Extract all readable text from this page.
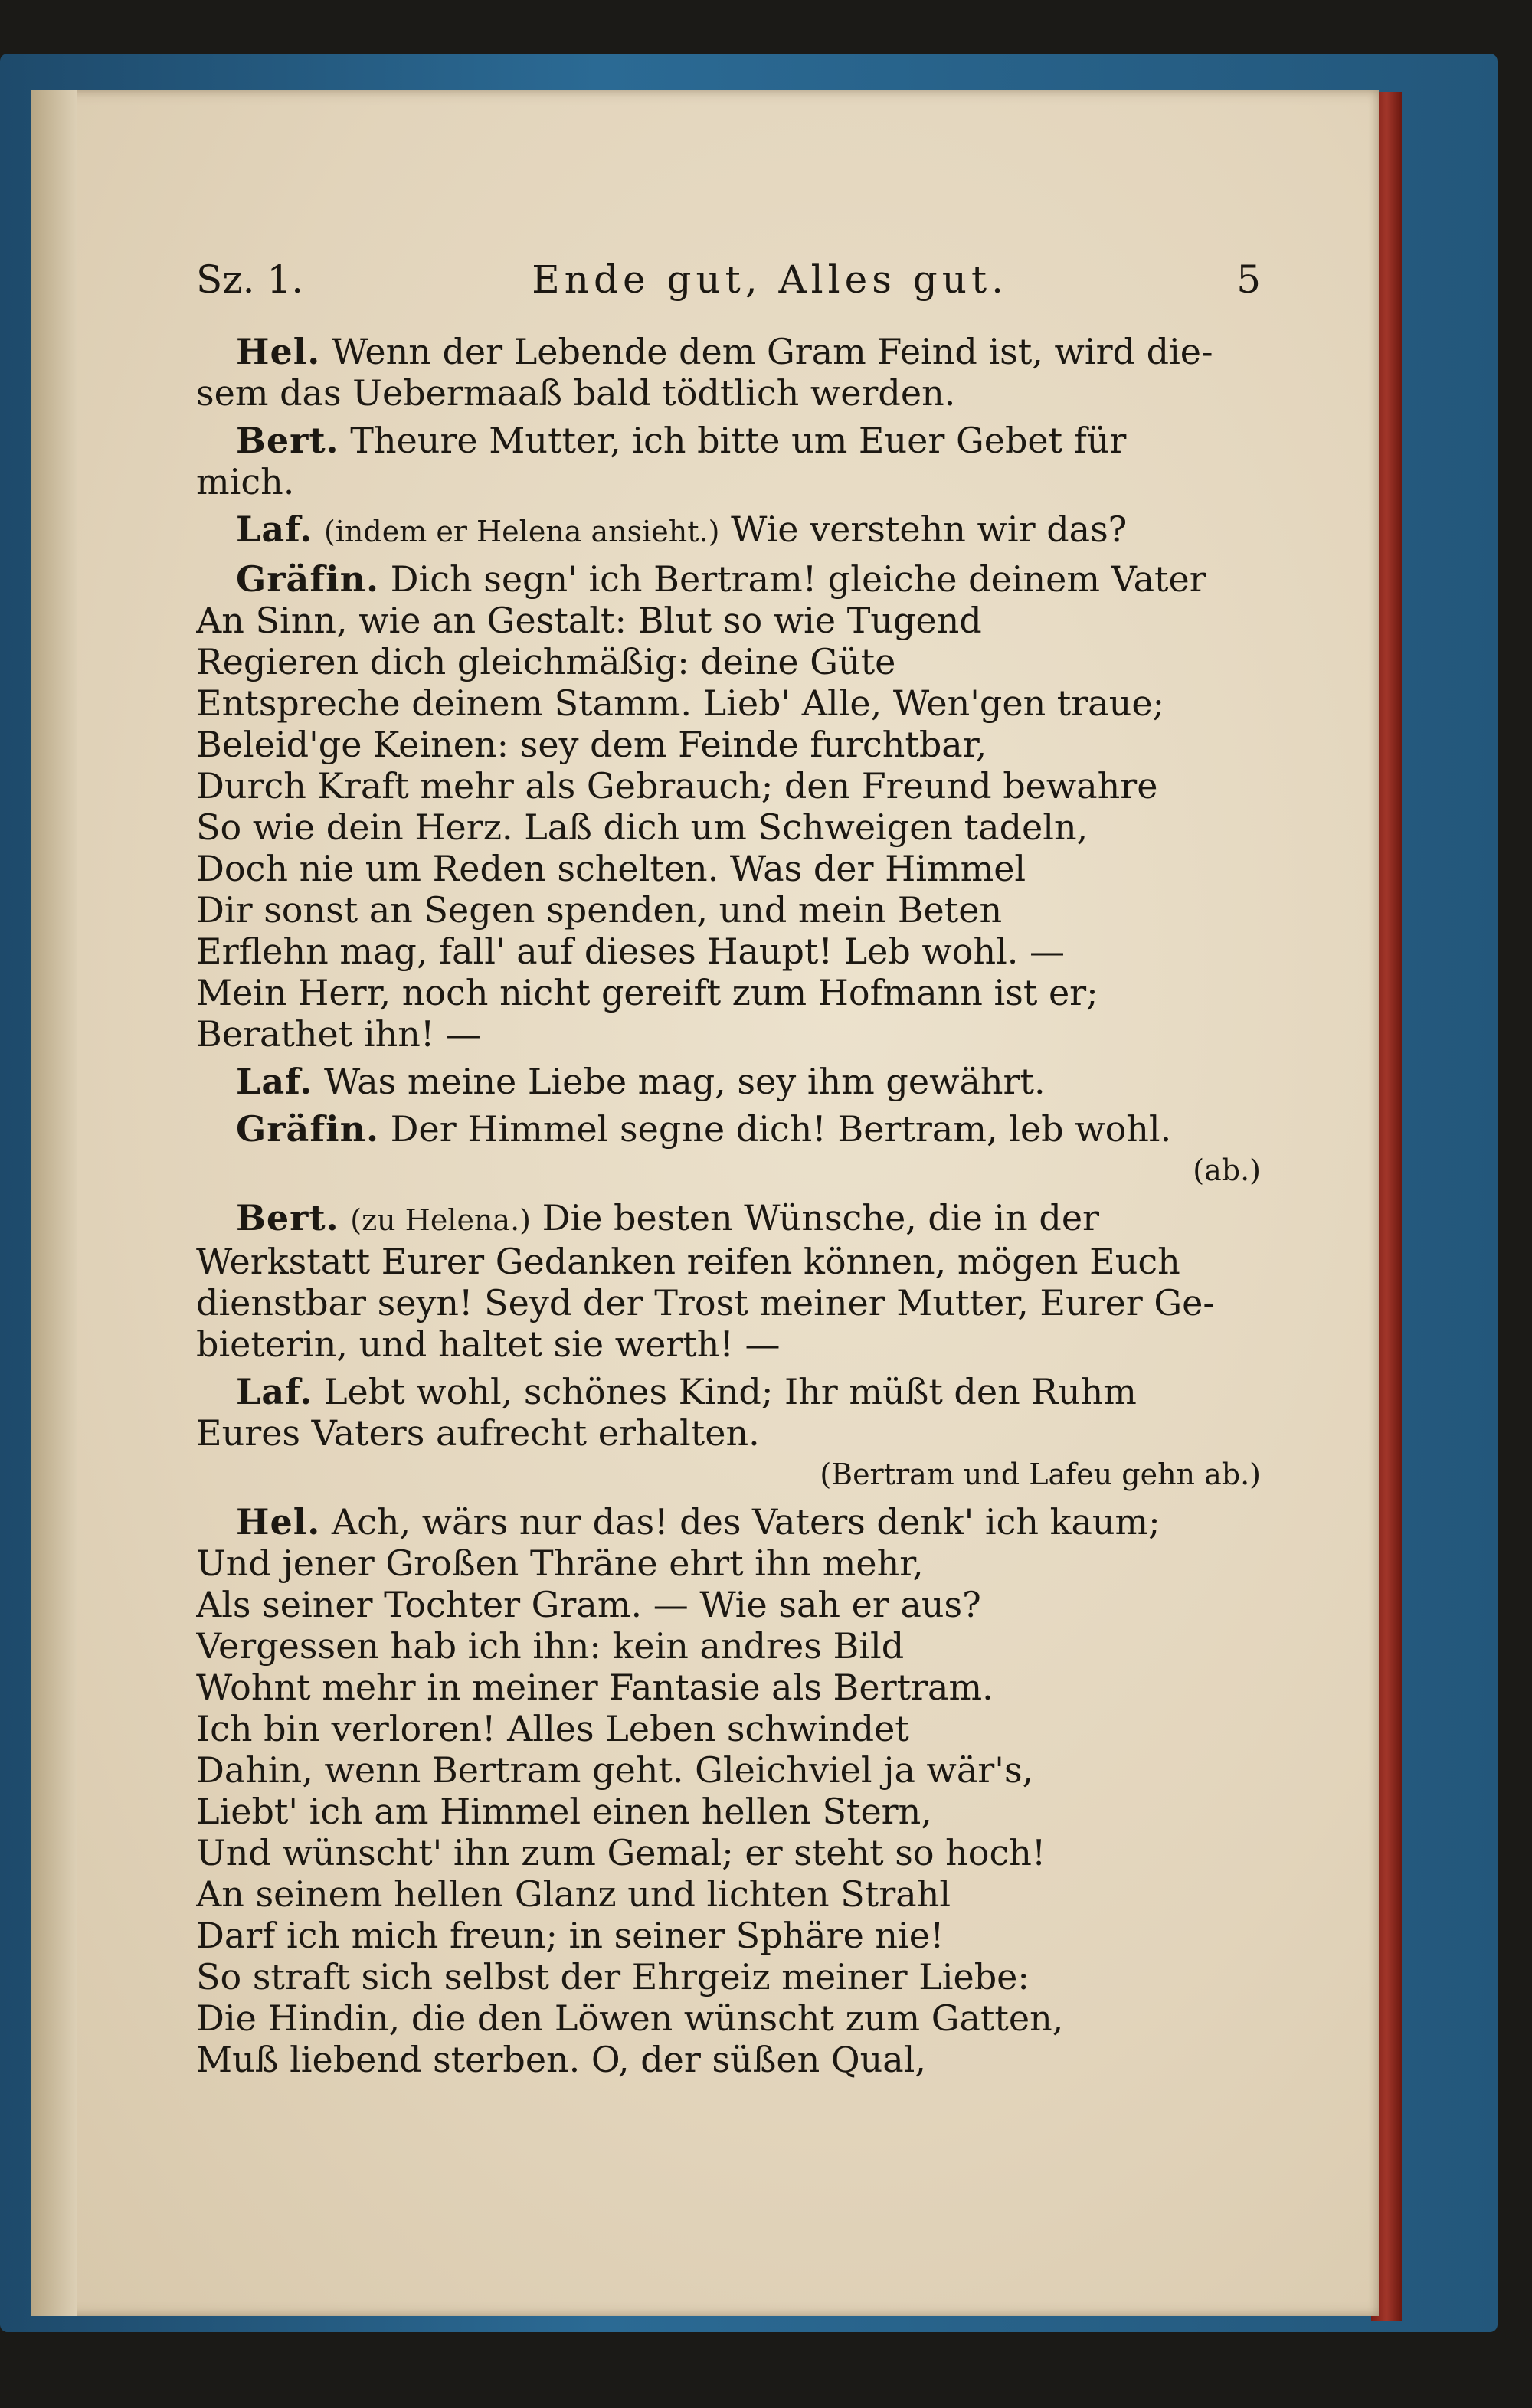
Sz. 1.	Ende gut, Alles gut.	5
Hel. Wenn der Lebende dem Gram Feind ist, wird die-
sem das Uebermaaß bald tödtlich werden.
Bert. Theure Mutter, ich bitte um Euer Gebet für
mich.
Laf. (indem er Helena ansieht.) Wie verstehn wir das?
Gräfin. Dich segn' ich Bertram! gleiche deinem Vater
An Sinn, wie an Gestalt: Blut so wie Tugend
Regieren dich gleichmäßig: deine Güte
Entspreche deinem Stamm. Lieb' Alle, Wen'gen traue;
Beleid'ge Keinen: sey dem Feinde furchtbar,
Durch Kraft mehr als Gebrauch; den Freund bewahre
So wie dein Herz. Laß dich um Schweigen tadeln,
Doch nie um Reden schelten. Was der Himmel
Dir sonst an Segen spenden, und mein Beten
Erflehn mag, fall' auf dieses Haupt! Leb wohl. —
Mein Herr, noch nicht gereift zum Hofmann ist er;
Berathet ihn! —
Laf. Was meine Liebe mag, sey ihm gewährt.
Gräfin. Der Himmel segne dich! Bertram, leb wohl.
(ab.)
Bert. (zu Helena.) Die besten Wünsche, die in der
Werkstatt Eurer Gedanken reifen können, mögen Euch
dienstbar seyn! Seyd der Trost meiner Mutter, Eurer Ge-
bieterin, und haltet sie werth! —
Laf. Lebt wohl, schönes Kind; Ihr müßt den Ruhm
Eures Vaters aufrecht erhalten.
(Bertram und Lafeu gehn ab.)
Hel. Ach, wärs nur das! des Vaters denk' ich kaum;
Und jener Großen Thräne ehrt ihn mehr,
Als seiner Tochter Gram. — Wie sah er aus?
Vergessen hab ich ihn: kein andres Bild
Wohnt mehr in meiner Fantasie als Bertram.
Ich bin verloren! Alles Leben schwindet
Dahin, wenn Bertram geht. Gleichviel ja wär's,
Liebt' ich am Himmel einen hellen Stern,
Und wünscht' ihn zum Gemal; er steht so hoch!
An seinem hellen Glanz und lichten Strahl
Darf ich mich freun; in seiner Sphäre nie!
So straft sich selbst der Ehrgeiz meiner Liebe:
Die Hindin, die den Löwen wünscht zum Gatten,
Muß liebend sterben. O, der süßen Qual,
